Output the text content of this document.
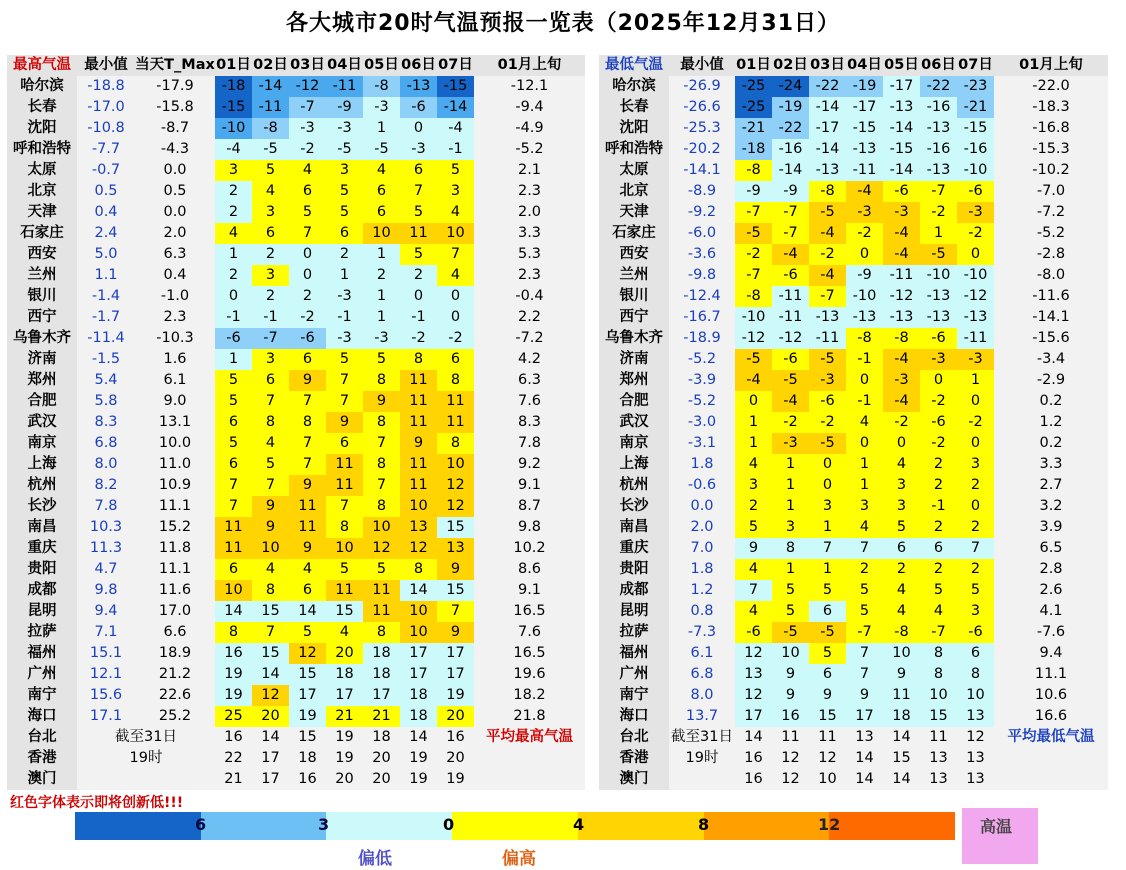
各大城市20时气温预报一览表（2025年12月31日）
最高气温	最小值	当天T_Max	01日	02日	03日	04日	05日	06日	07日	01月上旬
哈尔滨	-18.8	-17.9	-18	-14	-12	-11	-8	-13	-15	-12.1
长春	-17.0	-15.8	-15	-11	-7	-9	-3	-6	-14	-9.4
沈阳	-10.8	-8.7	-10	-8	-3	-3	1	0	-4	-4.9
呼和浩特	-7.7	-4.3	-4	-5	-2	-5	-5	-3	-1	-5.2
太原	-0.7	0.0	3	5	4	3	4	6	5	2.1
北京	0.5	0.5	2	4	6	5	6	7	3	2.3
天津	0.4	0.0	2	3	5	5	6	5	4	2.0
石家庄	2.4	2.0	4	6	7	6	10	11	10	3.3
西安	5.0	6.3	1	2	0	2	1	5	7	5.3
兰州	1.1	0.4	2	3	0	1	2	2	4	2.3
银川	-1.4	-1.0	0	2	2	-3	1	0	0	-0.4
西宁	-1.7	2.3	-1	-1	-2	-1	1	-1	0	2.2
乌鲁木齐	-11.4	-10.3	-6	-7	-6	-3	-3	-2	-2	-7.2
济南	-1.5	1.6	1	3	6	5	5	8	6	4.2
郑州	5.4	6.1	5	6	9	7	8	11	8	6.3
合肥	5.8	9.0	5	7	7	7	9	11	11	7.6
武汉	8.3	13.1	6	8	8	9	8	11	11	8.3
南京	6.8	10.0	5	4	7	6	7	9	8	7.8
上海	8.0	11.0	6	5	7	11	8	11	10	9.2
杭州	8.2	10.9	7	7	9	11	7	11	12	9.1
长沙	7.8	11.1	7	9	11	7	8	10	12	8.7
南昌	10.3	15.2	11	9	11	8	10	13	15	9.8
重庆	11.3	11.8	11	10	9	10	12	12	13	10.2
贵阳	4.7	11.1	6	4	4	5	5	8	9	8.6
成都	9.8	11.6	10	8	6	11	11	14	15	9.1
昆明	9.4	17.0	14	15	14	15	11	10	7	16.5
拉萨	7.1	6.6	8	7	5	4	8	10	9	7.6
福州	15.1	18.9	16	15	12	20	18	17	17	16.5
广州	12.1	21.2	19	14	15	18	18	17	17	19.6
南宁	15.6	22.6	19	12	17	17	17	18	19	18.2
海口	17.1	25.2	25	20	19	21	21	18	20	21.8
台北	截至31日		16	14	15	19	18	14	16	平均最高气温
香港	19时		22	17	18	19	20	19	20	
澳门			21	17	16	20	20	19	19	
最低气温	最小值	01日	02日	03日	04日	05日	06日	07日	01月上旬
哈尔滨	-26.9	-25	-24	-22	-19	-17	-22	-23	-22.0
长春	-26.6	-25	-19	-14	-17	-13	-16	-21	-18.3
沈阳	-25.3	-21	-22	-17	-15	-14	-13	-15	-16.8
呼和浩特	-20.2	-18	-16	-14	-13	-15	-16	-16	-15.3
太原	-14.1	-8	-14	-13	-11	-14	-13	-10	-10.2
北京	-8.9	-9	-9	-8	-4	-6	-7	-6	-7.0
天津	-9.2	-7	-7	-5	-3	-3	-2	-3	-7.2
石家庄	-6.0	-5	-7	-4	-2	-4	1	-2	-5.2
西安	-3.6	-2	-4	-2	0	-4	-5	0	-2.8
兰州	-9.8	-7	-6	-4	-9	-11	-10	-10	-8.0
银川	-12.4	-8	-11	-7	-10	-12	-13	-12	-11.6
西宁	-16.7	-10	-11	-13	-13	-13	-13	-13	-14.1
乌鲁木齐	-18.9	-12	-12	-11	-8	-8	-6	-11	-15.6
济南	-5.2	-5	-6	-5	-1	-4	-3	-3	-3.4
郑州	-3.9	-4	-5	-3	0	-3	0	1	-2.9
合肥	-5.2	0	-4	-6	-1	-4	-2	0	0.2
武汉	-3.0	1	-2	-2	4	-2	-6	-2	1.2
南京	-3.1	1	-3	-5	0	0	-2	0	0.2
上海	1.8	4	1	0	1	4	2	3	3.3
杭州	-0.6	3	1	0	1	3	2	2	2.7
长沙	0.0	2	1	3	3	3	-1	0	3.2
南昌	2.0	5	3	1	4	5	2	2	3.9
重庆	7.0	9	8	7	7	6	6	7	6.5
贵阳	1.8	4	1	1	2	2	2	2	2.8
成都	1.2	7	5	5	5	4	5	5	2.6
昆明	0.8	4	5	6	5	4	4	3	4.1
拉萨	-7.3	-6	-5	-5	-7	-8	-7	-6	-7.6
福州	6.1	12	10	5	7	10	8	6	9.4
广州	6.8	13	9	6	7	9	8	8	11.1
南宁	8.0	12	9	9	9	11	10	10	10.6
海口	13.7	17	16	15	17	18	15	13	16.6
台北	截至31日	14	11	11	13	14	11	12	平均最低气温
香港	19时	16	12	12	14	15	13	13	
澳门		16	12	10	14	14	13	13	
红色字体表示即将创新低!!!
6	3	0	4	8	12
偏低	偏高
高温
